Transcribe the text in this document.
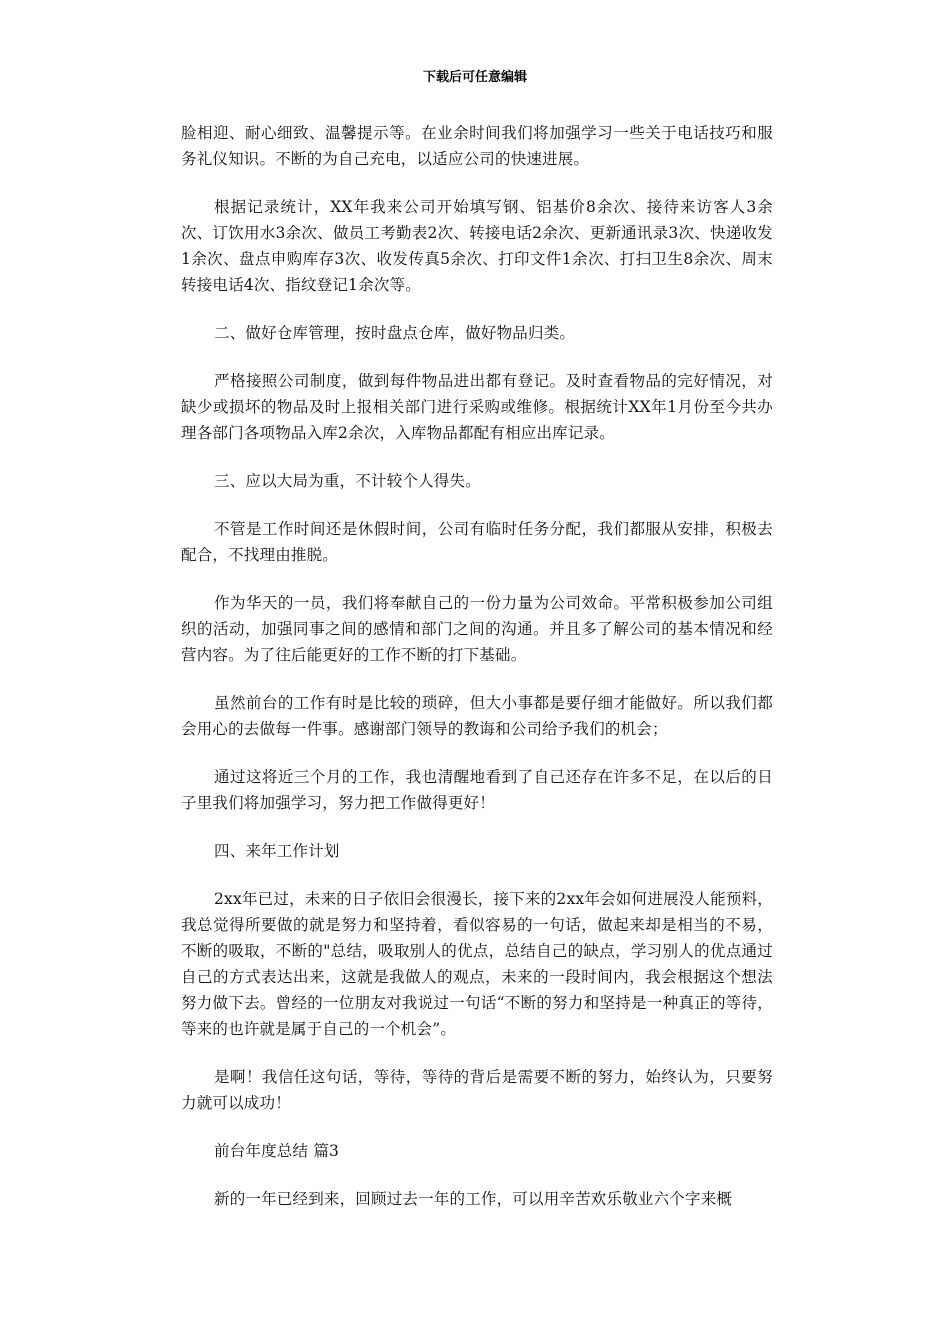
下载后可任意编辑

脸相迎、耐心细致、温馨提示等。在业余时间我们将加强学习一些关于电话技巧和服务礼仪知识。不断的为自己充电，以适应公司的快速进展。

根据记录统计，XX年我来公司开始填写钢、铝基价8余次、接待来访客人3余次、订饮用水3余次、做员工考勤表2次、转接电话2余次、更新通讯录3次、快递收发1余次、盘点申购库存3次、收发传真5余次、打印文件1余次、打扫卫生8余次、周末转接电话4次、指纹登记1余次等。

二、做好仓库管理，按时盘点仓库，做好物品归类。

严格接照公司制度，做到每件物品进出都有登记。及时查看物品的完好情况，对缺少或损坏的物品及时上报相关部门进行采购或维修。根据统计XX年1月份至今共办理各部门各项物品入库2余次，入库物品都配有相应出库记录。

三、应以大局为重，不计较个人得失。

不管是工作时间还是休假时间，公司有临时任务分配，我们都服从安排，积极去配合，不找理由推脱。

作为华天的一员，我们将奉献自己的一份力量为公司效命。平常积极参加公司组织的活动，加强同事之间的感情和部门之间的沟通。并且多了解公司的基本情况和经营内容。为了往后能更好的工作不断的打下基础。

虽然前台的工作有时是比较的琐碎，但大小事都是要仔细才能做好。所以我们都会用心的去做每一件事。感谢部门领导的教诲和公司给予我们的机会；

通过这将近三个月的工作，我也清醒地看到了自己还存在许多不足，在以后的日子里我们将加强学习，努力把工作做得更好！

四、来年工作计划

2xx年已过，未来的日子依旧会很漫长，接下来的2xx年会如何进展没人能预料，我总觉得所要做的就是努力和坚持着，看似容易的一句话，做起来却是相当的不易，不断的吸取，不断的"总结，吸取别人的优点，总结自己的缺点，学习别人的优点通过自己的方式表达出来，这就是我做人的观点，未来的一段时间内，我会根据这个想法努力做下去。曾经的一位朋友对我说过一句话“不断的努力和坚持是一种真正的等待，等来的也许就是属于自己的一个机会”。

是啊！我信任这句话，等待，等待的背后是需要不断的努力，始终认为，只要努力就可以成功！

前台年度总结 篇3

新的一年已经到来，回顾过去一年的工作，可以用辛苦欢乐敬业六个字来概
